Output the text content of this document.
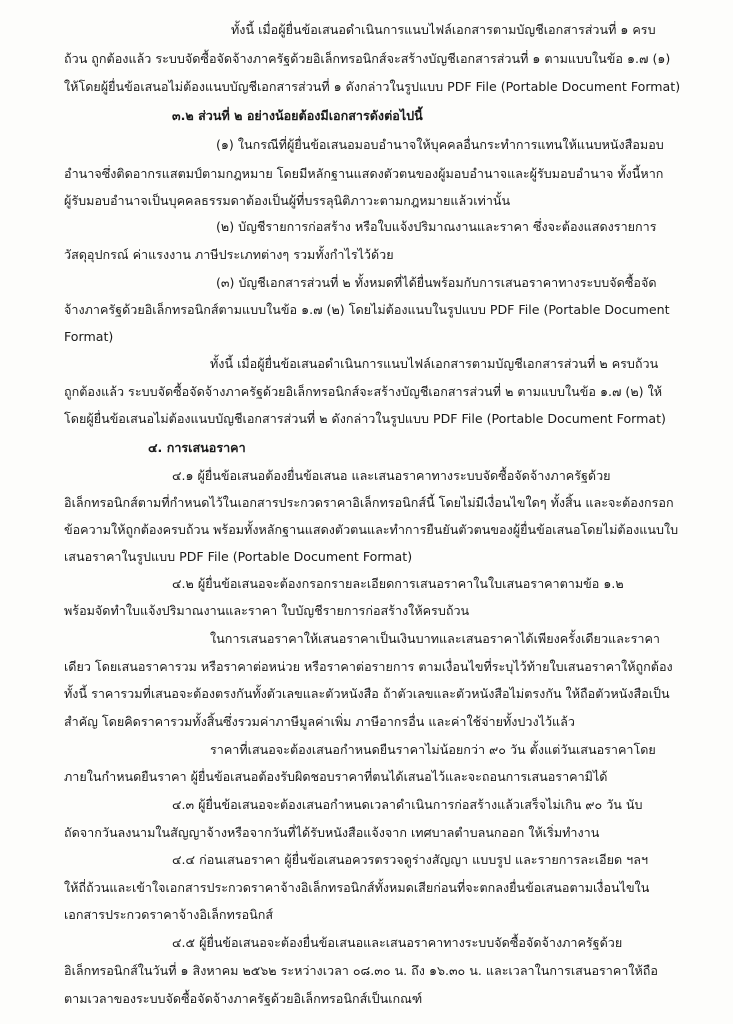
ทั้งนี้ เมื่อผู้ยื่นข้อเสนอดำเนินการแนบไฟล์เอกสารตามบัญชีเอกสารส่วนที่ ๑ ครบ
ถ้วน ถูกต้องแล้ว ระบบจัดซื้อจัดจ้างภาครัฐด้วยอิเล็กทรอนิกส์จะสร้างบัญชีเอกสารส่วนที่ ๑ ตามแบบในข้อ ๑.๗ (๑)
ให้โดยผู้ยื่นข้อเสนอไม่ต้องแนบบัญชีเอกสารส่วนที่ ๑ ดังกล่าวในรูปแบบ PDF File (Portable Document Format)
๓.๒ ส่วนที่ ๒ อย่างน้อยต้องมีเอกสารดังต่อไปนี้
(๑) ในกรณีที่ผู้ยื่นข้อเสนอมอบอำนาจให้บุคคลอื่นกระทำการแทนให้แนบหนังสือมอบ
อำนาจซึ่งติดอากรแสตมป์ตามกฎหมาย โดยมีหลักฐานแสดงตัวตนของผู้มอบอำนาจและผู้รับมอบอำนาจ ทั้งนี้หาก
ผู้รับมอบอำนาจเป็นบุคคลธรรมดาต้องเป็นผู้ที่บรรลุนิติภาวะตามกฎหมายแล้วเท่านั้น
(๒) บัญชีรายการก่อสร้าง หรือใบแจ้งปริมาณงานและราคา ซึ่งจะต้องแสดงรายการ
วัสดุอุปกรณ์ ค่าแรงงาน ภาษีประเภทต่างๆ รวมทั้งกำไรไว้ด้วย
(๓) บัญชีเอกสารส่วนที่ ๒ ทั้งหมดที่ได้ยื่นพร้อมกับการเสนอราคาทางระบบจัดซื้อจัด
จ้างภาครัฐด้วยอิเล็กทรอนิกส์ตามแบบในข้อ ๑.๗ (๒) โดยไม่ต้องแนบในรูปแบบ PDF File (Portable Document
Format)
ทั้งนี้ เมื่อผู้ยื่นข้อเสนอดำเนินการแนบไฟล์เอกสารตามบัญชีเอกสารส่วนที่ ๒ ครบถ้วน
ถูกต้องแล้ว ระบบจัดซื้อจัดจ้างภาครัฐด้วยอิเล็กทรอนิกส์จะสร้างบัญชีเอกสารส่วนที่ ๒ ตามแบบในข้อ ๑.๗ (๒) ให้
โดยผู้ยื่นข้อเสนอไม่ต้องแนบบัญชีเอกสารส่วนที่ ๒ ดังกล่าวในรูปแบบ PDF File (Portable Document Format)
๔. การเสนอราคา
๔.๑ ผู้ยื่นข้อเสนอต้องยื่นข้อเสนอ และเสนอราคาทางระบบจัดซื้อจัดจ้างภาครัฐด้วย
อิเล็กทรอนิกส์ตามที่กำหนดไว้ในเอกสารประกวดราคาอิเล็กทรอนิกส์นี้ โดยไม่มีเงื่อนไขใดๆ ทั้งสิ้น และจะต้องกรอก
ข้อความให้ถูกต้องครบถ้วน พร้อมทั้งหลักฐานแสดงตัวตนและทำการยืนยันตัวตนของผู้ยื่นข้อเสนอโดยไม่ต้องแนบใบ
เสนอราคาในรูปแบบ PDF File (Portable Document Format)
๔.๒ ผู้ยื่นข้อเสนอจะต้องกรอกรายละเอียดการเสนอราคาในใบเสนอราคาตามข้อ ๑.๒
พร้อมจัดทำใบแจ้งปริมาณงานและราคา ใบบัญชีรายการก่อสร้างให้ครบถ้วน
ในการเสนอราคาให้เสนอราคาเป็นเงินบาทและเสนอราคาได้เพียงครั้งเดียวและราคา
เดียว โดยเสนอราคารวม หรือราคาต่อหน่วย หรือราคาต่อรายการ ตามเงื่อนไขที่ระบุไว้ท้ายใบเสนอราคาให้ถูกต้อง
ทั้งนี้ ราคารวมที่เสนอจะต้องตรงกันทั้งตัวเลขและตัวหนังสือ ถ้าตัวเลขและตัวหนังสือไม่ตรงกัน ให้ถือตัวหนังสือเป็น
สำคัญ โดยคิดราคารวมทั้งสิ้นซึ่งรวมค่าภาษีมูลค่าเพิ่ม ภาษีอากรอื่น และค่าใช้จ่ายทั้งปวงไว้แล้ว
ราคาที่เสนอจะต้องเสนอกำหนดยืนราคาไม่น้อยกว่า ๙๐ วัน ตั้งแต่วันเสนอราคาโดย
ภายในกำหนดยืนราคา ผู้ยื่นข้อเสนอต้องรับผิดชอบราคาที่ตนได้เสนอไว้และจะถอนการเสนอราคามิได้
๔.๓ ผู้ยื่นข้อเสนอจะต้องเสนอกำหนดเวลาดำเนินการก่อสร้างแล้วเสร็จไม่เกิน ๙๐ วัน นับ
ถัดจากวันลงนามในสัญญาจ้างหรือจากวันที่ได้รับหนังสือแจ้งจาก เทศบาลตำบลนกออก ให้เริ่มทำงาน
๔.๔ ก่อนเสนอราคา ผู้ยื่นข้อเสนอควรตรวจดูร่างสัญญา แบบรูป และรายการละเอียด ฯลฯ
ให้ถี่ถ้วนและเข้าใจเอกสารประกวดราคาจ้างอิเล็กทรอนิกส์ทั้งหมดเสียก่อนที่จะตกลงยื่นข้อเสนอตามเงื่อนไขใน
เอกสารประกวดราคาจ้างอิเล็กทรอนิกส์
๔.๕ ผู้ยื่นข้อเสนอจะต้องยื่นข้อเสนอและเสนอราคาทางระบบจัดซื้อจัดจ้างภาครัฐด้วย
อิเล็กทรอนิกส์ในวันที่ ๑ สิงหาคม ๒๕๖๒ ระหว่างเวลา ๐๘.๓๐ น. ถึง ๑๖.๓๐ น. และเวลาในการเสนอราคาให้ถือ
ตามเวลาของระบบจัดซื้อจัดจ้างภาครัฐด้วยอิเล็กทรอนิกส์เป็นเกณฑ์
